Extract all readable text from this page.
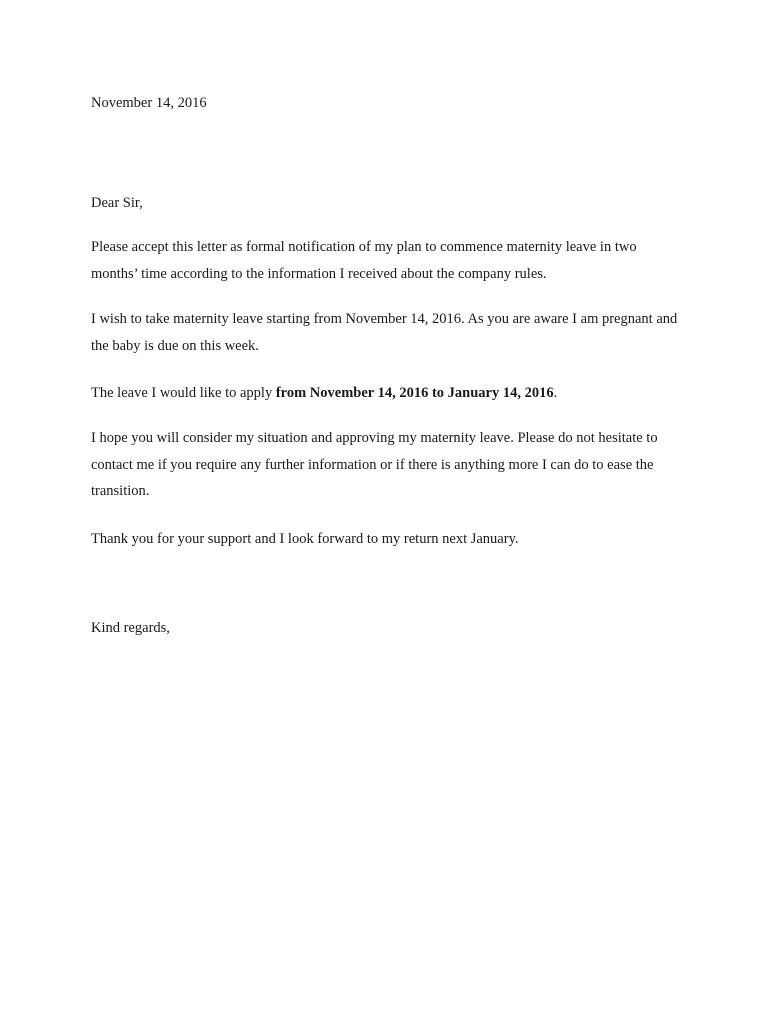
November 14, 2016

Dear Sir,

Please accept this letter as formal notification of my plan to commence maternity leave in two months’ time according to the information I received about the company rules.

I wish to take maternity leave starting from November 14, 2016. As you are aware I am pregnant and the baby is due on this week.

The leave I would like to apply from November 14, 2016 to January 14, 2016.

I hope you will consider my situation and approving my maternity leave. Please do not hesitate to contact me if you require any further information or if there is anything more I can do to ease the transition.

Thank you for your support and I look forward to my return next January.

Kind regards,
